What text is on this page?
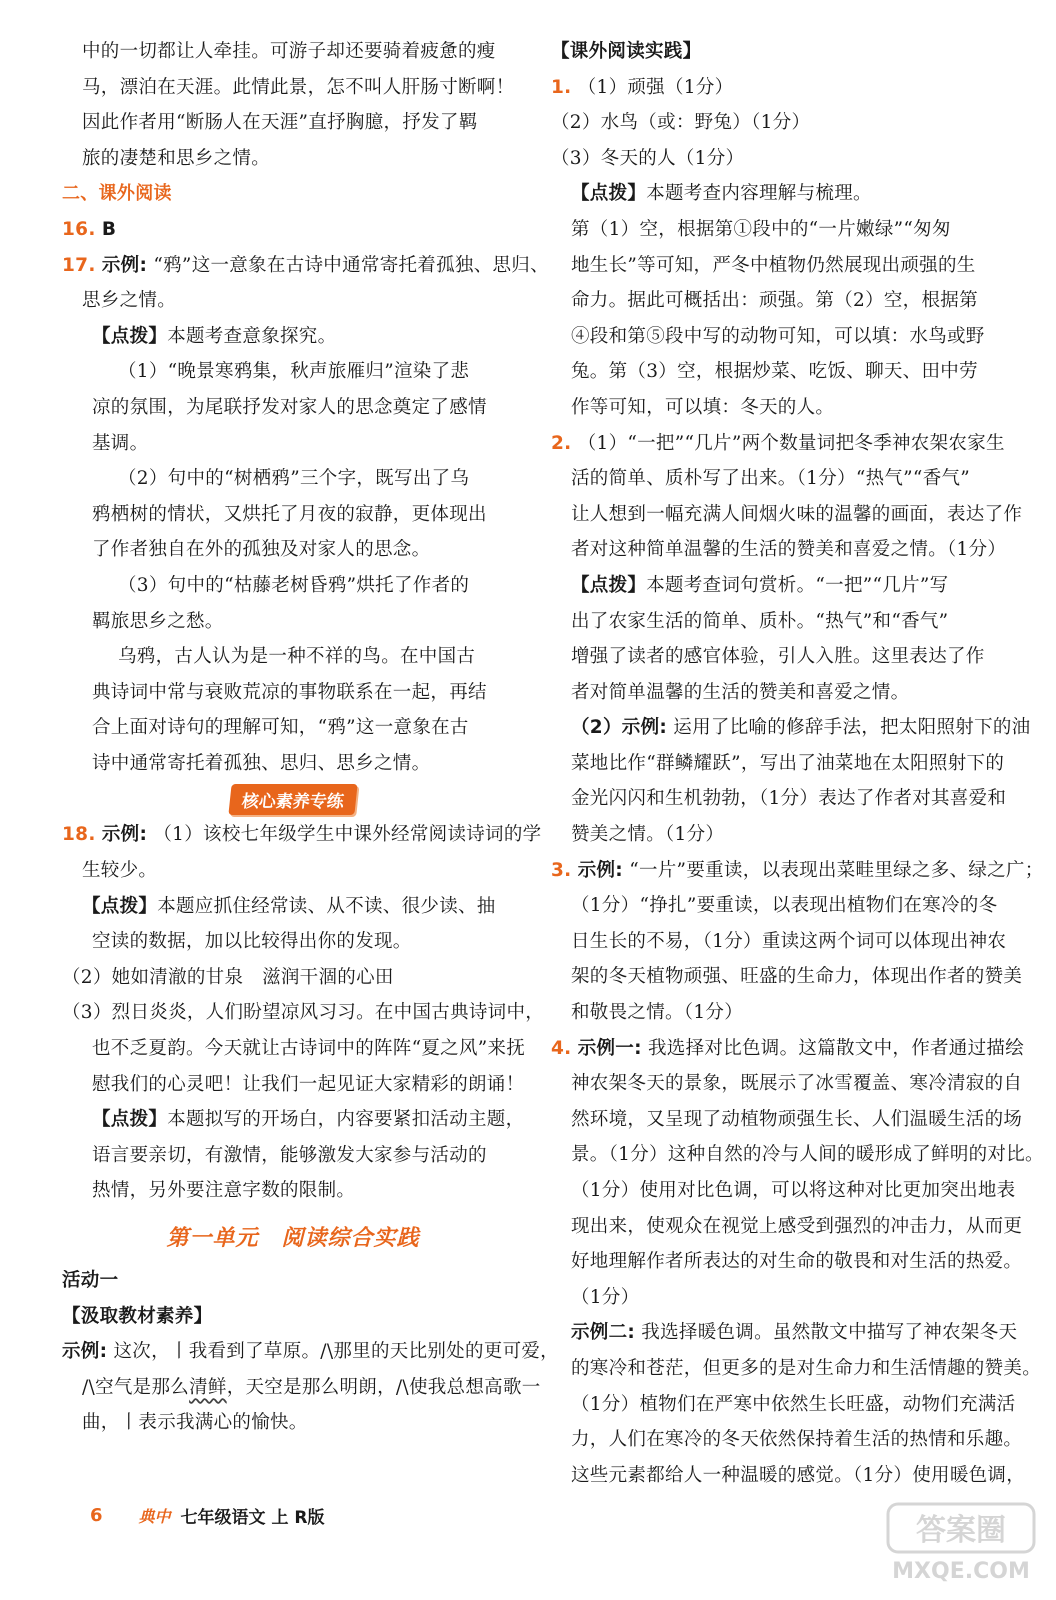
中的一切都让人牵挂。可游子却还要骑着疲惫的瘦
马，漂泊在天涯。此情此景，怎不叫人肝肠寸断啊！
因此作者用“断肠人在天涯”直抒胸臆，抒发了羁
旅的凄楚和思乡之情。
二、课外阅读
16. B
17. 示例: “鸦”这一意象在古诗中通常寄托着孤独、思归、
思乡之情。
【点拨】本题考查意象探究。
（1）“晚景寒鸦集，秋声旅雁归”渲染了悲
凉的氛围，为尾联抒发对家人的思念奠定了感情
基调。
（2）句中的“树栖鸦”三个字，既写出了乌
鸦栖树的情状，又烘托了月夜的寂静，更体现出
了作者独自在外的孤独及对家人的思念。
（3）句中的“枯藤老树昏鸦”烘托了作者的
羁旅思乡之愁。
乌鸦，古人认为是一种不祥的鸟。在中国古
典诗词中常与衰败荒凉的事物联系在一起，再结
合上面对诗句的理解可知，“鸦”这一意象在古
诗中通常寄托着孤独、思归、思乡之情。
核心素养专练
18. 示例: （1）该校七年级学生中课外经常阅读诗词的学
生较少。
【点拨】本题应抓住经常读、从不读、很少读、抽
空读的数据，加以比较得出你的发现。
（2）她如清澈的甘泉　滋润干涸的心田
（3）烈日炎炎，人们盼望凉风习习。在中国古典诗词中，
也不乏夏韵。今天就让古诗词中的阵阵“夏之风”来抚
慰我们的心灵吧！让我们一起见证大家精彩的朗诵！
【点拨】本题拟写的开场白，内容要紧扣活动主题，
语言要亲切，有激情，能够激发大家参与活动的
热情，另外要注意字数的限制。
第一单元　阅读综合实践
活动一
【汲取教材素养】
示例: 这次，丨我看到了草原。/\那里的天比别处的更可爱，
/\空气是那么清鲜，天空是那么明朗，/\使我总想高歌一
曲，丨表示我满心的愉快。
【课外阅读实践】
1. （1）顽强（1分）
（2）水鸟（或：野兔）（1分）
（3）冬天的人（1分）
【点拨】本题考查内容理解与梳理。
第（1）空，根据第①段中的“一片嫩绿”“匆匆
地生长”等可知，严冬中植物仍然展现出顽强的生
命力。据此可概括出：顽强。第（2）空，根据第
④段和第⑤段中写的动物可知，可以填：水鸟或野
兔。第（3）空，根据炒菜、吃饭、聊天、田中劳
作等可知，可以填：冬天的人。
2. （1）“一把”“几片”两个数量词把冬季神农架农家生
活的简单、质朴写了出来。（1分）“热气”“香气”
让人想到一幅充满人间烟火味的温馨的画面，表达了作
者对这种简单温馨的生活的赞美和喜爱之情。（1分）
【点拨】本题考查词句赏析。“一把”“几片”写
出了农家生活的简单、质朴。“热气”和“香气”
增强了读者的感官体验，引人入胜。这里表达了作
者对简单温馨的生活的赞美和喜爱之情。
（2）示例: 运用了比喻的修辞手法，把太阳照射下的油
菜地比作“群鳞耀跃”，写出了油菜地在太阳照射下的
金光闪闪和生机勃勃，（1分）表达了作者对其喜爱和
赞美之情。（1分）
3. 示例: “一片”要重读，以表现出菜畦里绿之多、绿之广；
（1分）“挣扎”要重读，以表现出植物们在寒冷的冬
日生长的不易，（1分）重读这两个词可以体现出神农
架的冬天植物顽强、旺盛的生命力，体现出作者的赞美
和敬畏之情。（1分）
4. 示例一: 我选择对比色调。这篇散文中，作者通过描绘
神农架冬天的景象，既展示了冰雪覆盖、寒冷清寂的自
然环境，又呈现了动植物顽强生长、人们温暖生活的场
景。（1分）这种自然的冷与人间的暖形成了鲜明的对比。
（1分）使用对比色调，可以将这种对比更加突出地表
现出来，使观众在视觉上感受到强烈的冲击力，从而更
好地理解作者所表达的对生命的敬畏和对生活的热爱。
（1分）
示例二: 我选择暖色调。虽然散文中描写了神农架冬天
的寒冷和苍茫，但更多的是对生命力和生活情趣的赞美。
（1分）植物们在严寒中依然生长旺盛，动物们充满活
力，人们在寒冷的冬天依然保持着生活的热情和乐趣。
这些元素都给人一种温暖的感觉。（1分）使用暖色调，
6 典中 七年级语文 上 R版	答案圈
MXQE.COM
